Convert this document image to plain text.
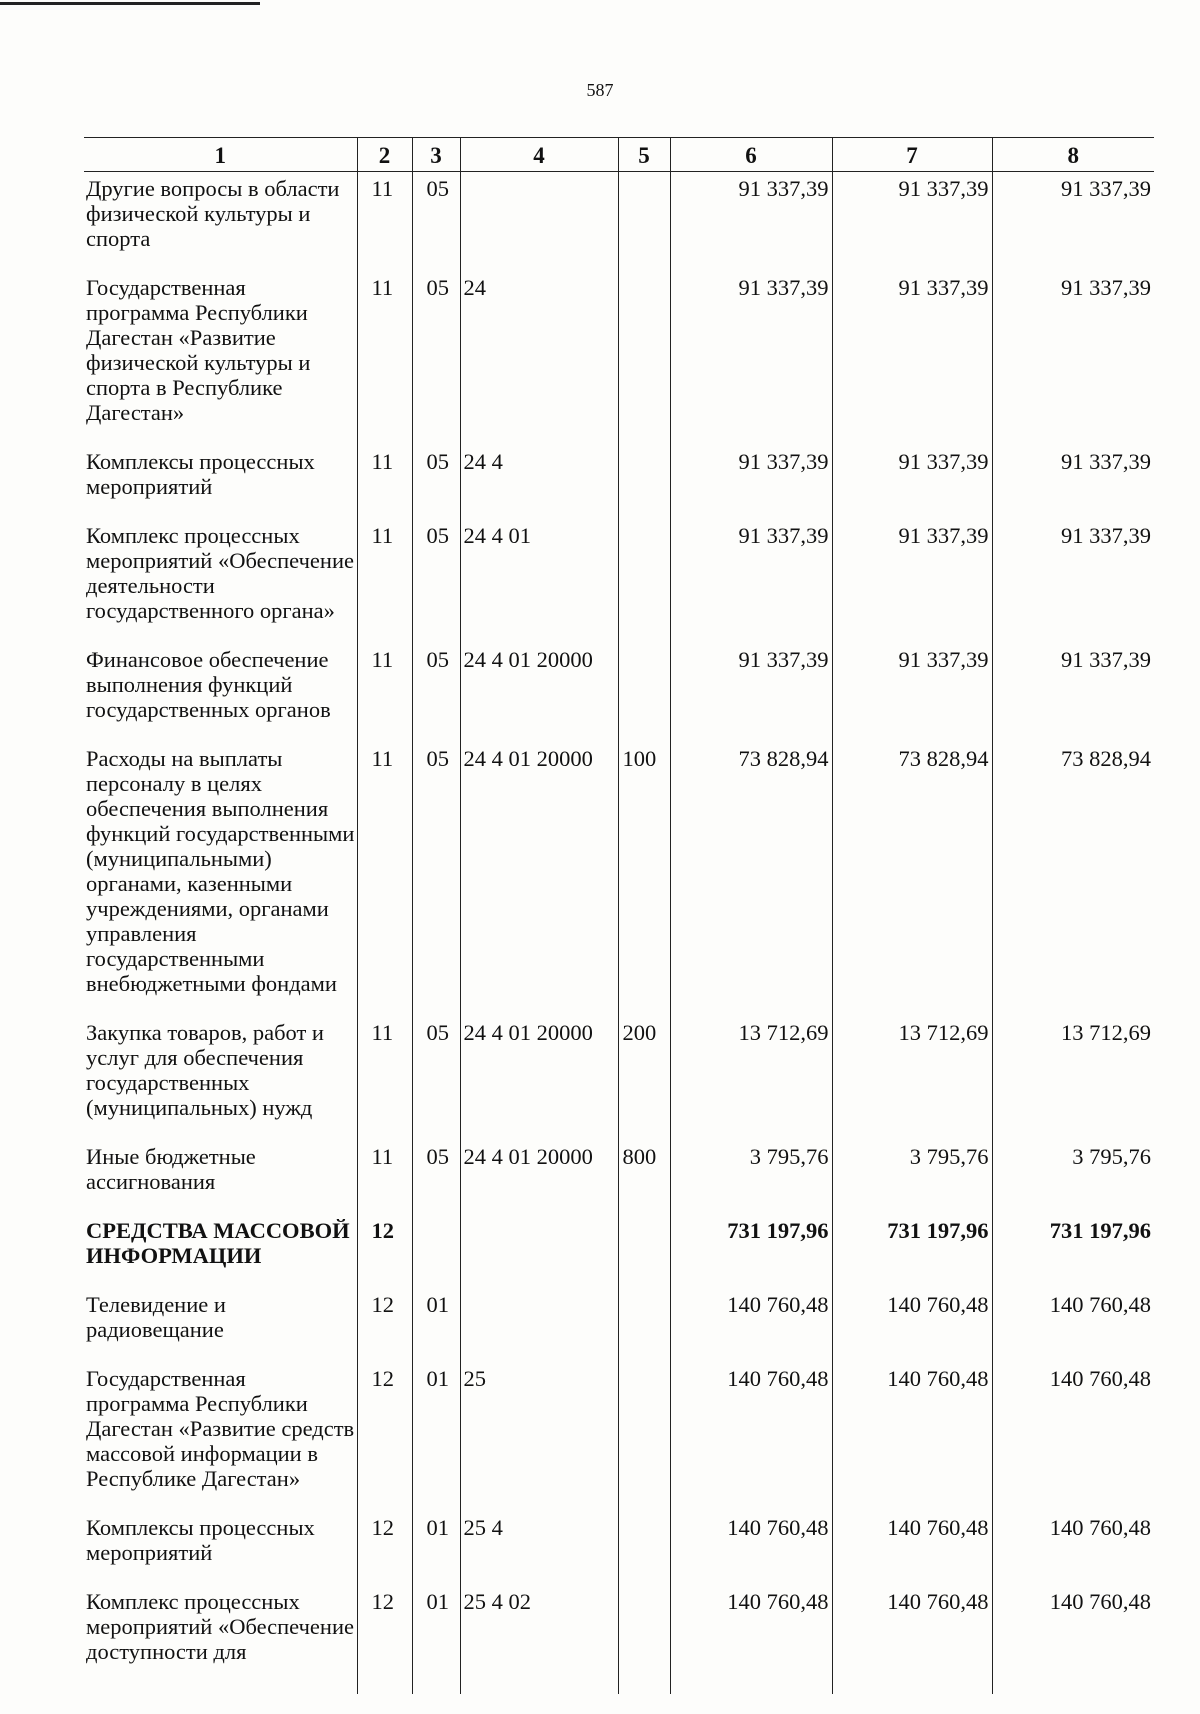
587
1	2	3	4	5	6	7	8
Другие вопросы в области физической культуры и спорта	11	05			91 337,39	91 337,39	91 337,39
Государственная программа Республики Дагестан «Развитие физической культуры и спорта в Республике Дагестан»	11	05	24		91 337,39	91 337,39	91 337,39
Комплексы процессных мероприятий	11	05	24 4		91 337,39	91 337,39	91 337,39
Комплекс процессных мероприятий «Обеспечение деятельности государственного органа»	11	05	24 4 01		91 337,39	91 337,39	91 337,39
Финансовое обеспечение выполнения функций государственных органов	11	05	24 4 01 20000		91 337,39	91 337,39	91 337,39
Расходы на выплаты персоналу в целях обеспечения выполнения функций государственными (муниципальными) органами, казенными учреждениями, органами управления государственными внебюджетными фондами	11	05	24 4 01 20000	100	73 828,94	73 828,94	73 828,94
Закупка товаров, работ и услуг для обеспечения государственных (муниципальных) нужд	11	05	24 4 01 20000	200	13 712,69	13 712,69	13 712,69
Иные бюджетные ассигнования	11	05	24 4 01 20000	800	3 795,76	3 795,76	3 795,76
СРЕДСТВА МАССОВОЙ ИНФОРМАЦИИ	12				731 197,96	731 197,96	731 197,96
Телевидение и радиовещание	12	01			140 760,48	140 760,48	140 760,48
Государственная программа Республики Дагестан «Развитие средств массовой информации в Республике Дагестан»	12	01	25		140 760,48	140 760,48	140 760,48
Комплексы процессных мероприятий	12	01	25 4		140 760,48	140 760,48	140 760,48
Комплекс процессных мероприятий «Обеспечение доступности для	12	01	25 4 02		140 760,48	140 760,48	140 760,48
